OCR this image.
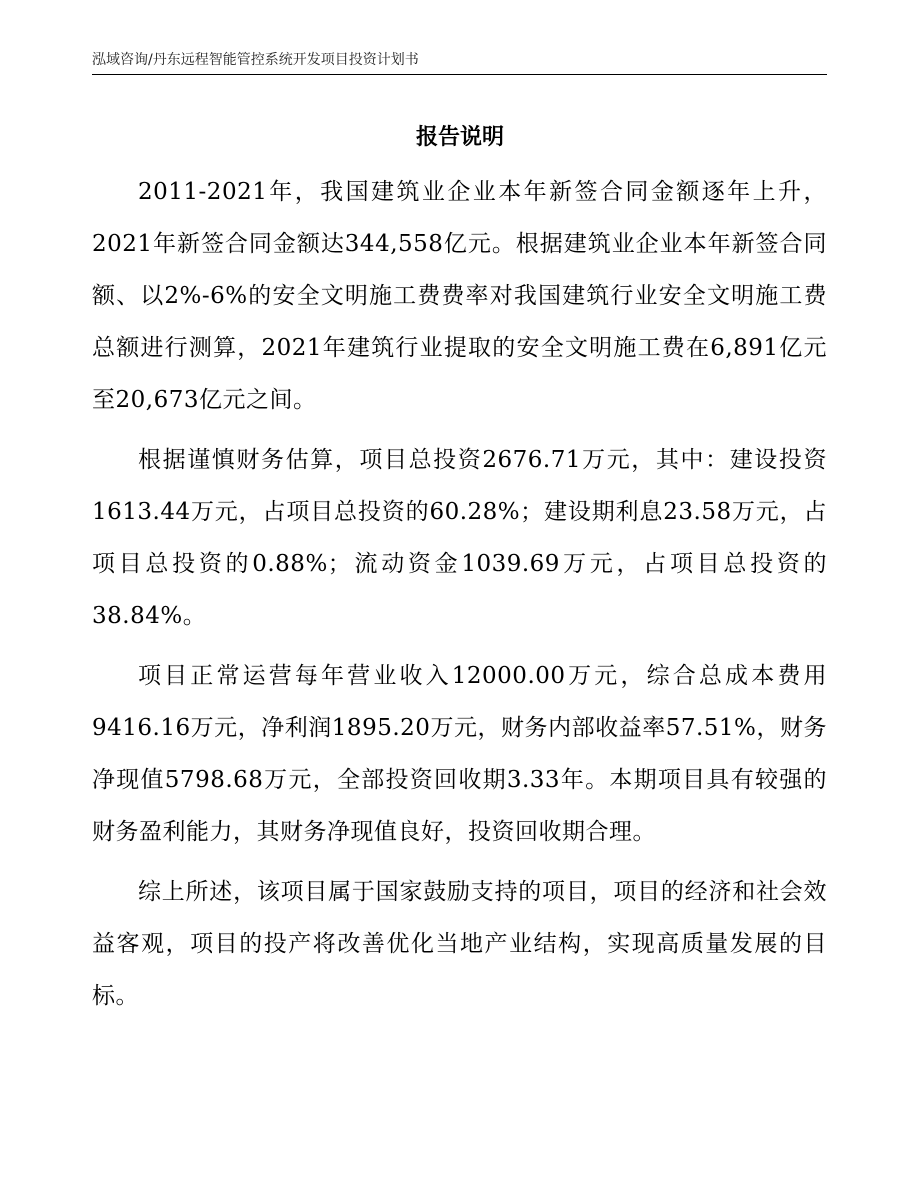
泓域咨询/丹东远程智能管控系统开发项目投资计划书
报告说明

2011-2021年，我国建筑业企业本年新签合同金额逐年上升，2021年新签合同金额达344,558亿元。根据建筑业企业本年新签合同额、以2%-6%的安全文明施工费费率对我国建筑行业安全文明施工费总额进行测算，2021年建筑行业提取的安全文明施工费在6,891亿元至20,673亿元之间。

根据谨慎财务估算，项目总投资2676.71万元，其中：建设投资1613.44万元，占项目总投资的60.28%；建设期利息23.58万元，占项目总投资的0.88%；流动资金1039.69万元，占项目总投资的38.84%。

项目正常运营每年营业收入12000.00万元，综合总成本费用9416.16万元，净利润1895.20万元，财务内部收益率57.51%，财务净现值5798.68万元，全部投资回收期3.33年。本期项目具有较强的财务盈利能力，其财务净现值良好，投资回收期合理。

综上所述，该项目属于国家鼓励支持的项目，项目的经济和社会效益客观，项目的投产将改善优化当地产业结构，实现高质量发展的目标。
